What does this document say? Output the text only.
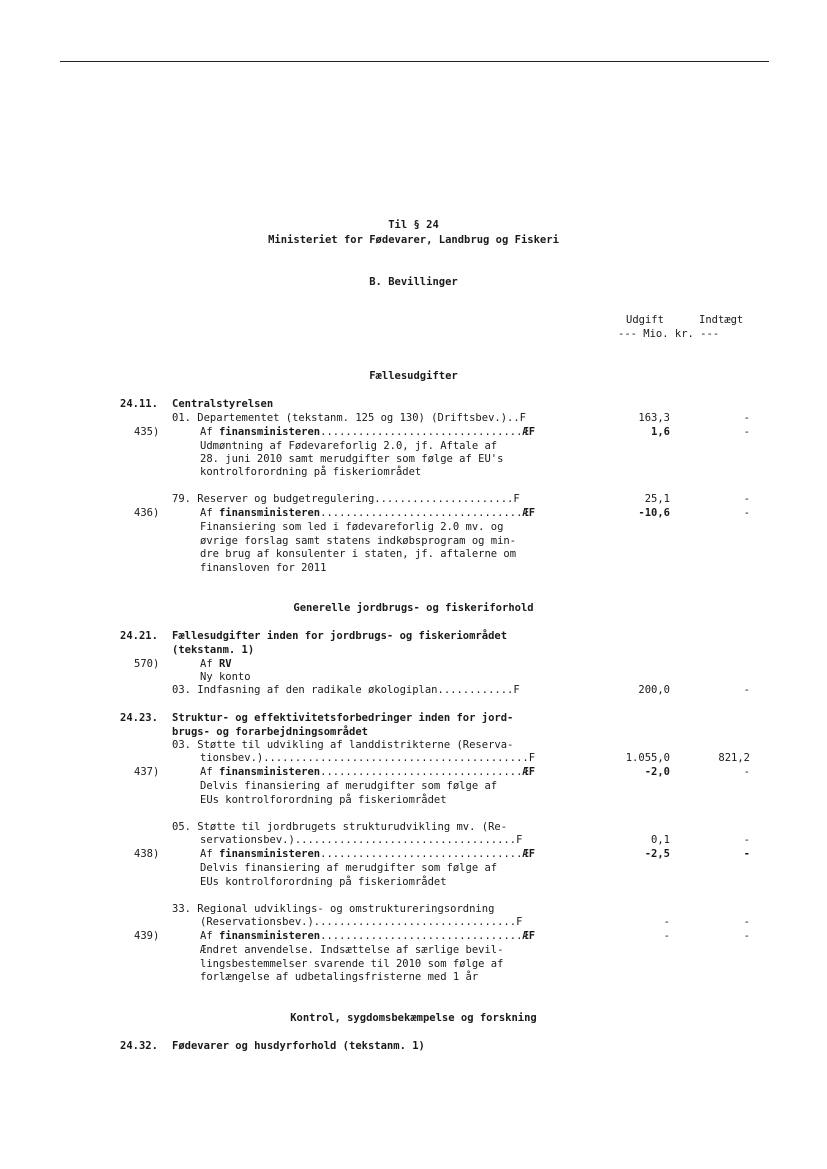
Til § 24
Ministeriet for Fødevarer, Landbrug og Fiskeri
B. Bevillinger
Udgift	Indtægt
--- Mio. kr. ---
Fællesudgifter
24.11. Centralstyrelsen
01. Departementet (tekstanm. 125 og 130) (Driftsbev.)..F	163,3	-
435)	Af finansministeren................................ÆF	1,6	-
Udmøntning af Fødevareforlig 2.0, jf. Aftale af
28. juni 2010 samt merudgifter som følge af EU's
kontrolforordning på fiskeriområdet
79. Reserver og budgetregulering......................F	25,1	-
436)	Af finansministeren................................ÆF	-10,6	-
Finansiering som led i fødevareforlig 2.0 mv. og
øvrige forslag samt statens indkøbsprogram og min-
dre brug af konsulenter i staten, jf. aftalerne om
finansloven for 2011
Generelle jordbrugs- og fiskeriforhold
24.21. Fællesudgifter inden for jordbrugs- og fiskeriområdet
(tekstanm. 1)
570)	Af RV
Ny konto
03. Indfasning af den radikale økologiplan............F	200,0	-
24.23. Struktur- og effektivitetsforbedringer inden for jord-
brugs- og forarbejdningsområdet
03. Støtte til udvikling af landdistrikterne (Reserva-
tionsbev.)..........................................F	1.055,0	821,2
437)	Af finansministeren................................ÆF	-2,0	-
Delvis finansiering af merudgifter som følge af
EUs kontrolforordning på fiskeriområdet
05. Støtte til jordbrugets strukturudvikling mv. (Re-
servationsbev.)...................................F	0,1	-
438)	Af finansministeren................................ÆF	-2,5	-
Delvis finansiering af merudgifter som følge af
EUs kontrolforordning på fiskeriområdet
33. Regional udviklings- og omstruktureringsordning
(Reservationsbev.)................................F	-	-
439)	Af finansministeren................................ÆF	-	-
Ændret anvendelse. Indsættelse af særlige bevil-
lingsbestemmelser svarende til 2010 som følge af
forlængelse af udbetalingsfristerne med 1 år
Kontrol, sygdomsbekæmpelse og forskning
24.32. Fødevarer og husdyrforhold (tekstanm. 1)
